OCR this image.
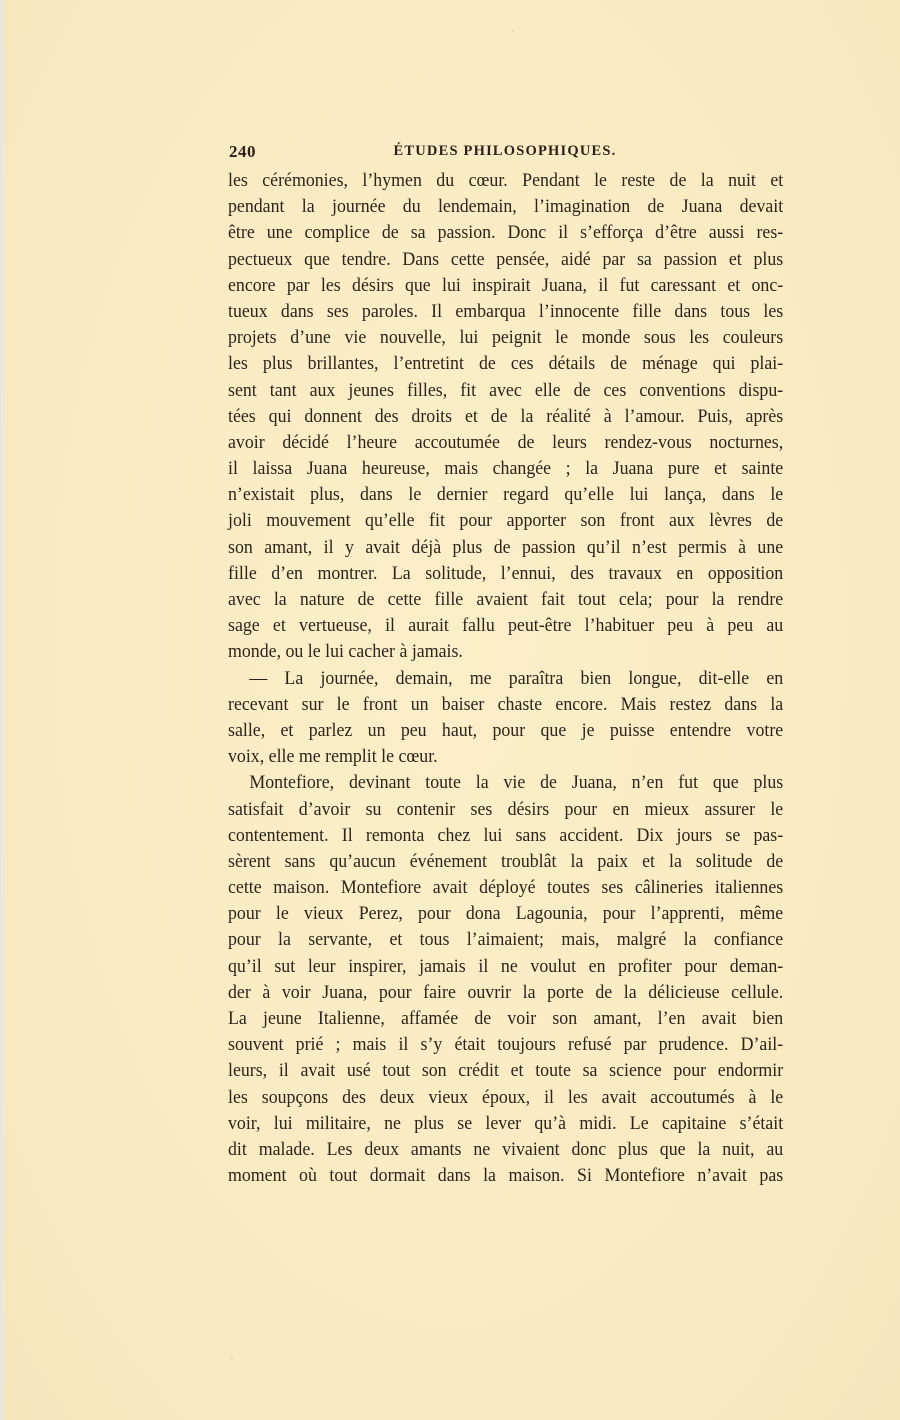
240	ÉTUDES PHILOSOPHIQUES.
les cérémonies, l’hymen du cœur. Pendant le reste de la nuit et
pendant la journée du lendemain, l’imagination de Juana devait
être une complice de sa passion. Donc il s’efforça d’être aussi res-
pectueux que tendre. Dans cette pensée, aidé par sa passion et plus
encore par les désirs que lui inspirait Juana, il fut caressant et onc-
tueux dans ses paroles. Il embarqua l’innocente fille dans tous les
projets d’une vie nouvelle, lui peignit le monde sous les couleurs
les plus brillantes, l’entretint de ces détails de ménage qui plai-
sent tant aux jeunes filles, fit avec elle de ces conventions dispu-
tées qui donnent des droits et de la réalité à l’amour. Puis, après
avoir décidé l’heure accoutumée de leurs rendez-vous nocturnes,
il laissa Juana heureuse, mais changée ; la Juana pure et sainte
n’existait plus, dans le dernier regard qu’elle lui lança, dans le
joli mouvement qu’elle fit pour apporter son front aux lèvres de
son amant, il y avait déjà plus de passion qu’il n’est permis à une
fille d’en montrer. La solitude, l’ennui, des travaux en opposition
avec la nature de cette fille avaient fait tout cela; pour la rendre
sage et vertueuse, il aurait fallu peut-être l’habituer peu à peu au
monde, ou le lui cacher à jamais.
— La journée, demain, me paraîtra bien longue, dit-elle en
recevant sur le front un baiser chaste encore. Mais restez dans la
salle, et parlez un peu haut, pour que je puisse entendre votre
voix, elle me remplit le cœur.
Montefiore, devinant toute la vie de Juana, n’en fut que plus
satisfait d’avoir su contenir ses désirs pour en mieux assurer le
contentement. Il remonta chez lui sans accident. Dix jours se pas-
sèrent sans qu’aucun événement troublât la paix et la solitude de
cette maison. Montefiore avait déployé toutes ses câlineries italiennes
pour le vieux Perez, pour dona Lagounia, pour l’apprenti, même
pour la servante, et tous l’aimaient; mais, malgré la confiance
qu’il sut leur inspirer, jamais il ne voulut en profiter pour deman-
der à voir Juana, pour faire ouvrir la porte de la délicieuse cellule.
La jeune Italienne, affamée de voir son amant, l’en avait bien
souvent prié ; mais il s’y était toujours refusé par prudence. D’ail-
leurs, il avait usé tout son crédit et toute sa science pour endormir
les soupçons des deux vieux époux, il les avait accoutumés à le
voir, lui militaire, ne plus se lever qu’à midi. Le capitaine s’était
dit malade. Les deux amants ne vivaient donc plus que la nuit, au
moment où tout dormait dans la maison. Si Montefiore n’avait pas
